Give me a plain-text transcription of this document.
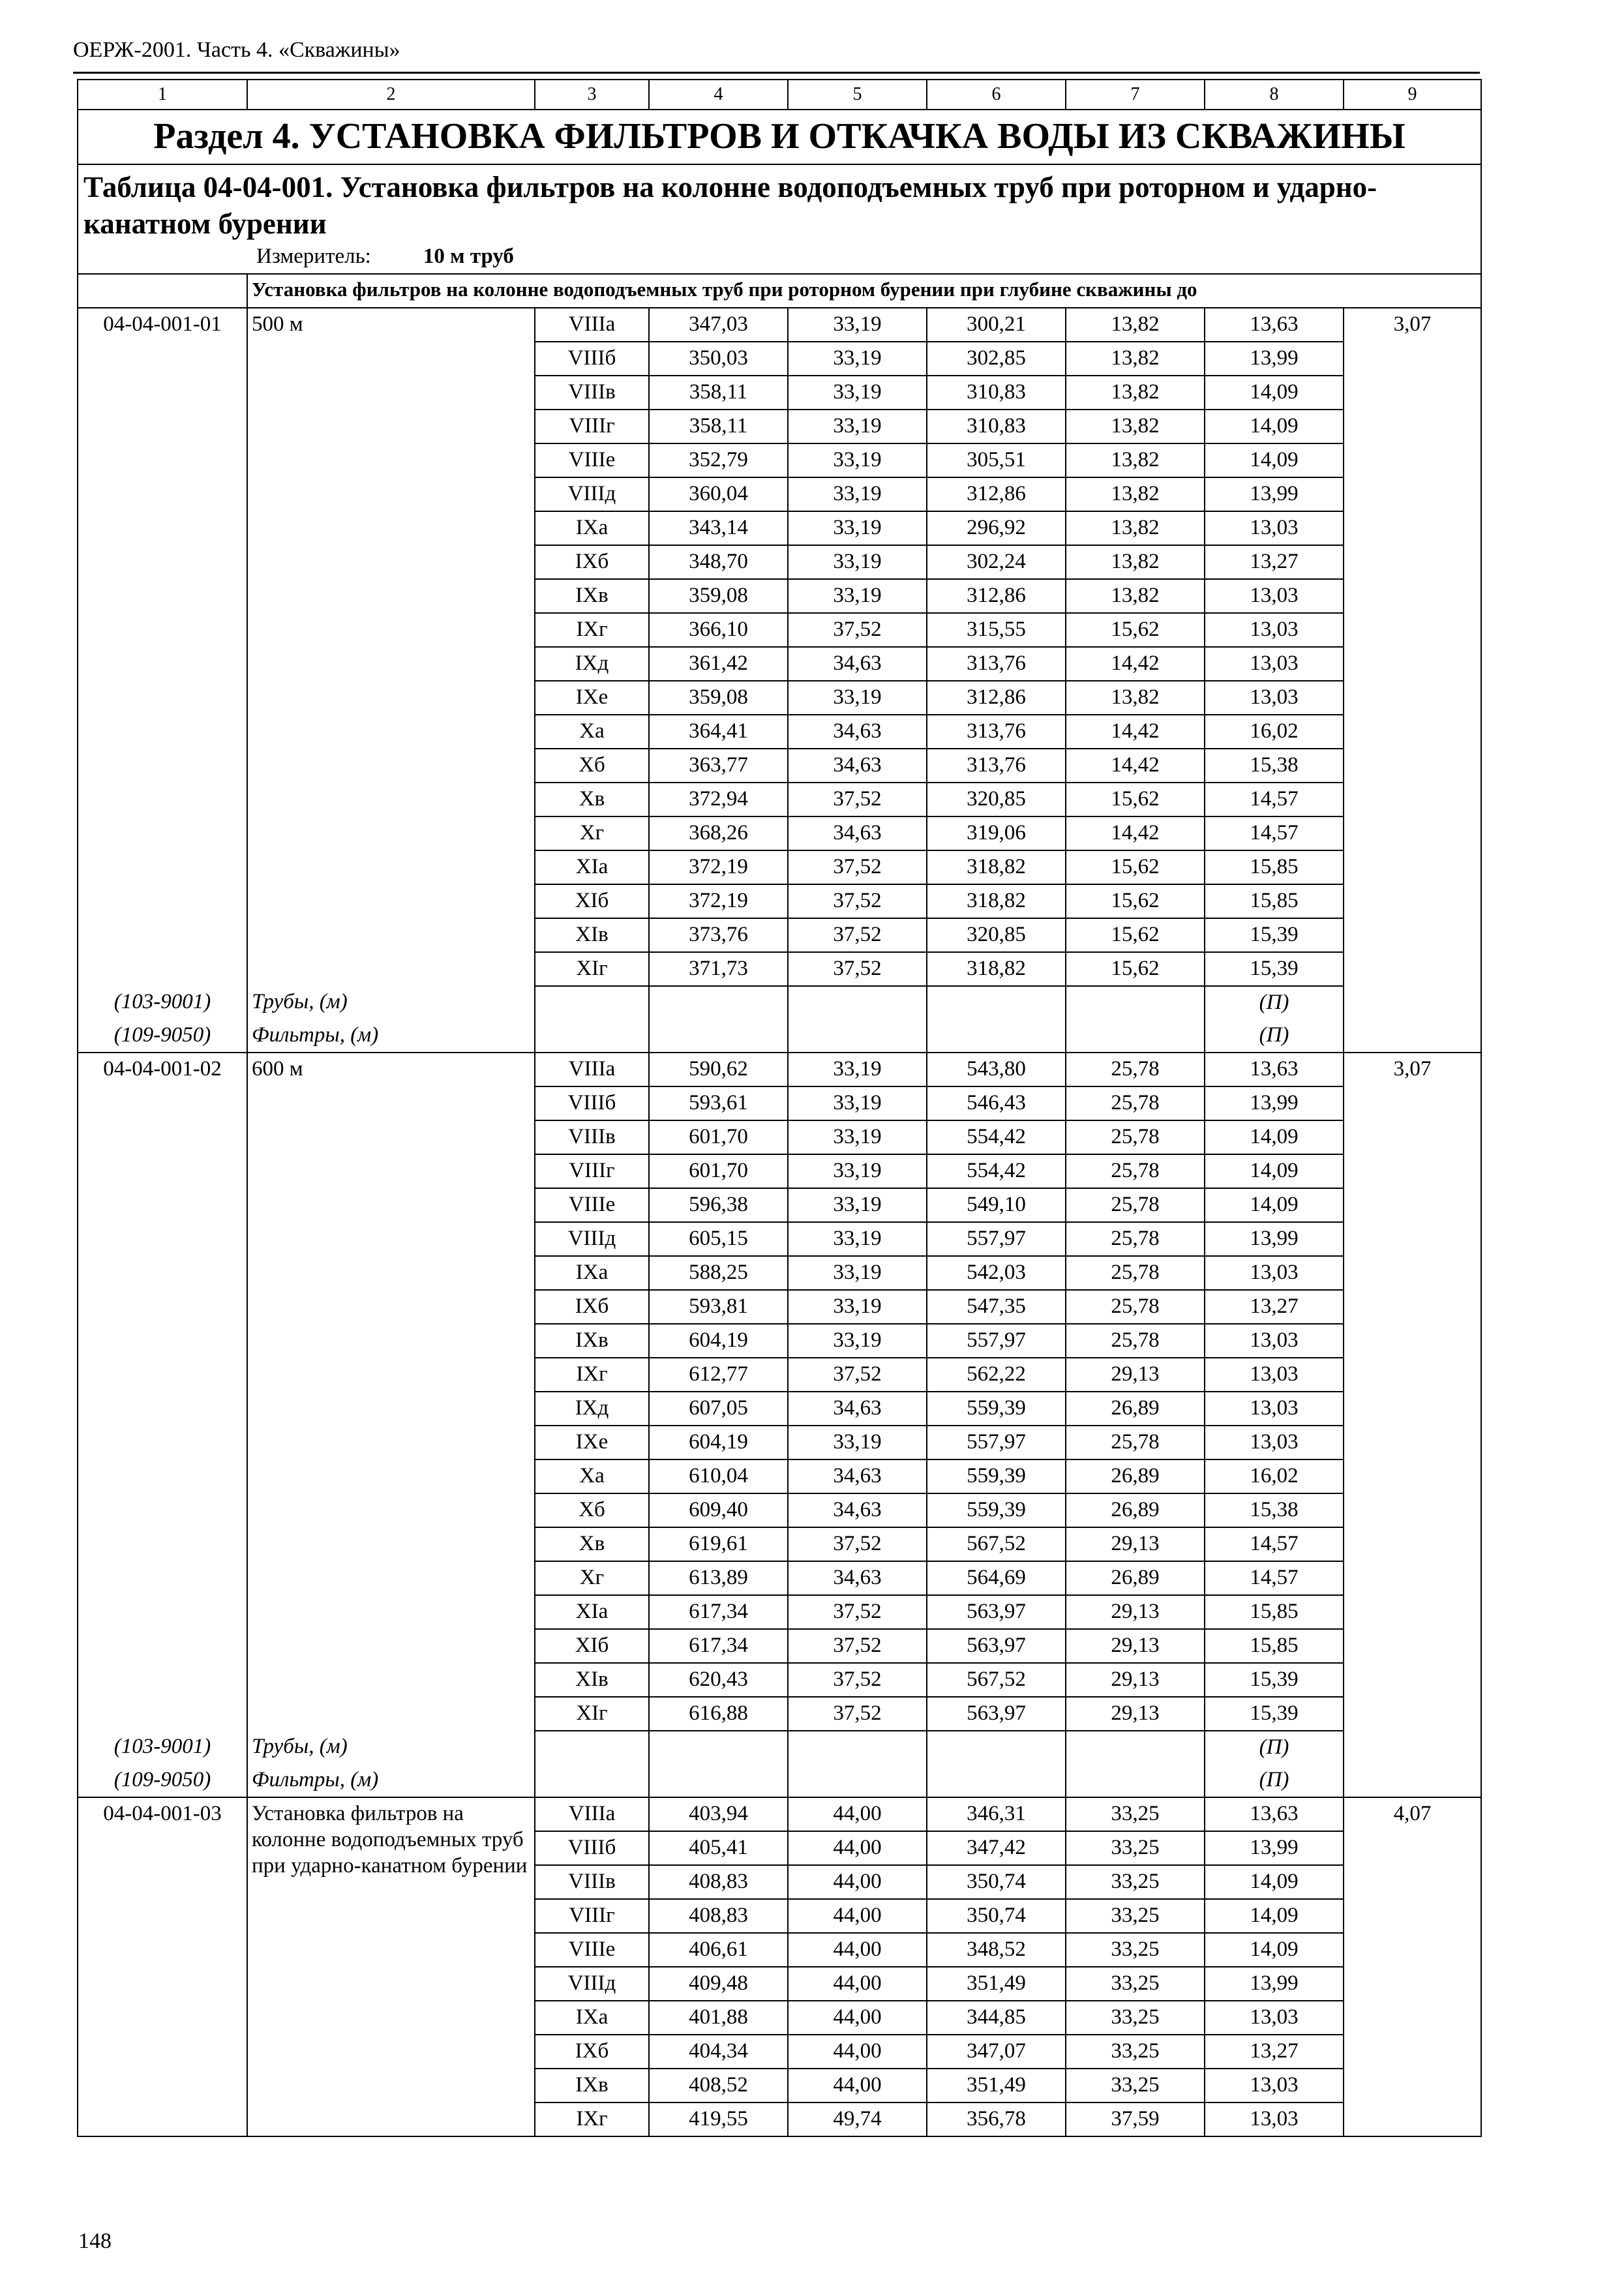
ОЕРЖ-2001. Часть 4. «Скважины»
1	2	3	4	5	6	7	8	9
Раздел 4. УСТАНОВКА ФИЛЬТРОВ И ОТКАЧКА ВОДЫ ИЗ СКВАЖИНЫ								

Таблица 04-04-001. Установка фильтров на колонне водоподъемных труб при роторном и ударно-канатном бурении
Измеритель: 10 м труб								

	Установка фильтров на колонне водоподъемных труб при роторном бурении при глубине скважины до							
04-04-001-01	500 м	VIIIa	347,03	33,19	300,21	13,82	13,63	3,07
		VIIIб	350,03	33,19	302,85	13,82	13,99	
		VIIIв	358,11	33,19	310,83	13,82	14,09	
		VIIIг	358,11	33,19	310,83	13,82	14,09	
		VIIIе	352,79	33,19	305,51	13,82	14,09	
		VIIIд	360,04	33,19	312,86	13,82	13,99	
		IXa	343,14	33,19	296,92	13,82	13,03	
		IXб	348,70	33,19	302,24	13,82	13,27	
		IXв	359,08	33,19	312,86	13,82	13,03	
		IXг	366,10	37,52	315,55	15,62	13,03	
		IXд	361,42	34,63	313,76	14,42	13,03	
		IXе	359,08	33,19	312,86	13,82	13,03	
		Xa	364,41	34,63	313,76	14,42	16,02	
		Xб	363,77	34,63	313,76	14,42	15,38	
		Xв	372,94	37,52	320,85	15,62	14,57	
		Xг	368,26	34,63	319,06	14,42	14,57	
		XIa	372,19	37,52	318,82	15,62	15,85	
		XIб	372,19	37,52	318,82	15,62	15,85	
		XIв	373,76	37,52	320,85	15,62	15,39	
		XIг	371,73	37,52	318,82	15,62	15,39	
(103-9001)	Трубы, (м)						(П)	
(109-9050)	Фильтры, (м)						(П)	
04-04-001-02	600 м	VIIIa	590,62	33,19	543,80	25,78	13,63	3,07
		VIIIб	593,61	33,19	546,43	25,78	13,99	
		VIIIв	601,70	33,19	554,42	25,78	14,09	
		VIIIг	601,70	33,19	554,42	25,78	14,09	
		VIIIе	596,38	33,19	549,10	25,78	14,09	
		VIIIд	605,15	33,19	557,97	25,78	13,99	
		IXa	588,25	33,19	542,03	25,78	13,03	
		IXб	593,81	33,19	547,35	25,78	13,27	
		IXв	604,19	33,19	557,97	25,78	13,03	
		IXг	612,77	37,52	562,22	29,13	13,03	
		IXд	607,05	34,63	559,39	26,89	13,03	
		IXе	604,19	33,19	557,97	25,78	13,03	
		Xa	610,04	34,63	559,39	26,89	16,02	
		Xб	609,40	34,63	559,39	26,89	15,38	
		Xв	619,61	37,52	567,52	29,13	14,57	
		Xг	613,89	34,63	564,69	26,89	14,57	
		XIa	617,34	37,52	563,97	29,13	15,85	
		XIб	617,34	37,52	563,97	29,13	15,85	
		XIв	620,43	37,52	567,52	29,13	15,39	
		XIг	616,88	37,52	563,97	29,13	15,39	
(103-9001)	Трубы, (м)						(П)	
(109-9050)	Фильтры, (м)						(П)	
04-04-001-03	Установка фильтров на колонне водоподъемных труб при ударно-канатном бурении	VIIIa	403,94	44,00	346,31	33,25	13,63	4,07
		VIIIб	405,41	44,00	347,42	33,25	13,99	
		VIIIв	408,83	44,00	350,74	33,25	14,09	
		VIIIг	408,83	44,00	350,74	33,25	14,09	
		VIIIе	406,61	44,00	348,52	33,25	14,09	
		VIIIд	409,48	44,00	351,49	33,25	13,99	
		IXa	401,88	44,00	344,85	33,25	13,03	
		IXб	404,34	44,00	347,07	33,25	13,27	
		IXв	408,52	44,00	351,49	33,25	13,03	
		IXг	419,55	49,74	356,78	37,59	13,03	
148
